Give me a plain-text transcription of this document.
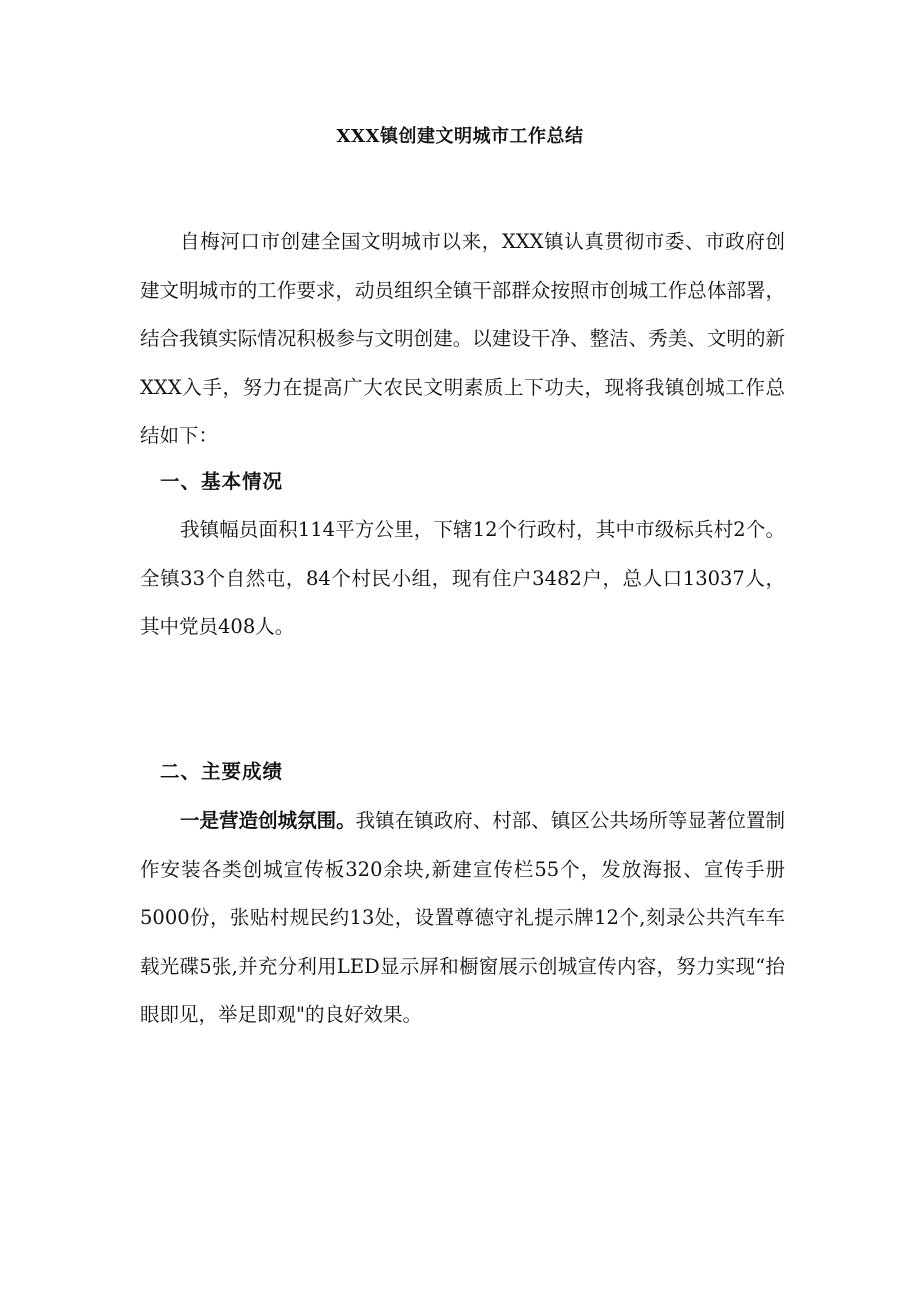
XXX镇创建文明城市工作总结

自梅河口市创建全国文明城市以来，XXX镇认真贯彻市委、市政府创建文明城市的工作要求，动员组织全镇干部群众按照市创城工作总体部署，结合我镇实际情况积极参与文明创建。以建设干净、整洁、秀美、文明的新XXX入手，努力在提高广大农民文明素质上下功夫，现将我镇创城工作总结如下：

一、基本情况

我镇幅员面积114平方公里，下辖12个行政村，其中市级标兵村2个。全镇33个自然屯，84个村民小组，现有住户3482户，总人口13037人，其中党员408人。

二、主要成绩

一是营造创城氛围。我镇在镇政府、村部、镇区公共场所等显著位置制作安装各类创城宣传板320余块,新建宣传栏55个，发放海报、宣传手册5000份，张贴村规民约13处，设置尊德守礼提示牌12个,刻录公共汽车车载光碟5张,并充分利用LED显示屏和橱窗展示创城宣传内容，努力实现“抬眼即见，举足即观"的良好效果。
